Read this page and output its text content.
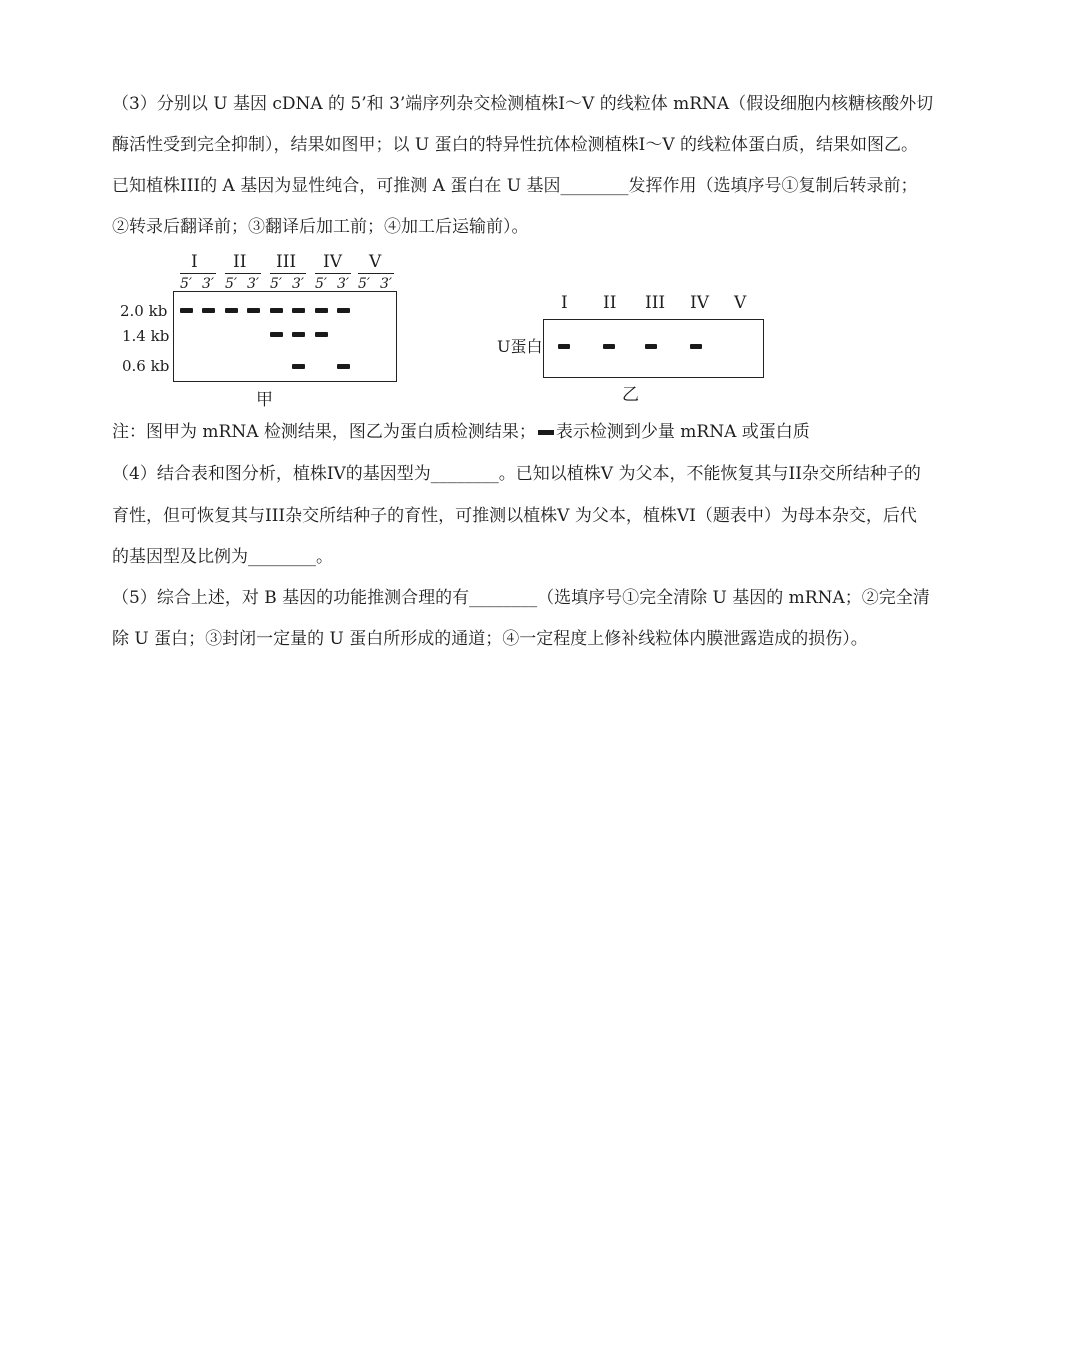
（3）分别以 U 基因 cDNA 的 5’和 3’端序列杂交检测植株I～V 的线粒体 mRNA（假设细胞内核糖核酸外切
酶活性受到完全抑制），结果如图甲；以 U 蛋白的特异性抗体检测植株I～V 的线粒体蛋白质，结果如图乙。
已知植株III的 A 基因为显性纯合，可推测 A 蛋白在 U 基因________发挥作用（选填序号①复制后转录前；
②转录后翻译前；③翻译后加工前；④加工后运输前）。
I II III IV V
5′ 3′ 5′ 3′ 5′ 3′ 5′ 3′ 5′ 3′
2.0 kb
1.4 kb
0.6 kb
甲
I II III IV V
U蛋白
乙
注：图甲为 mRNA 检测结果，图乙为蛋白质检测结果； 表示检测到少量 mRNA 或蛋白质
（4）结合表和图分析，植株IV的基因型为________。已知以植株V 为父本，不能恢复其与II杂交所结种子的
育性，但可恢复其与III杂交所结种子的育性，可推测以植株V 为父本，植株VI（题表中）为母本杂交，后代
的基因型及比例为________。
（5）综合上述，对 B 基因的功能推测合理的有________（选填序号①完全清除 U 基因的 mRNA；②完全清
除 U 蛋白；③封闭一定量的 U 蛋白所形成的通道；④一定程度上修补线粒体内膜泄露造成的损伤）。
